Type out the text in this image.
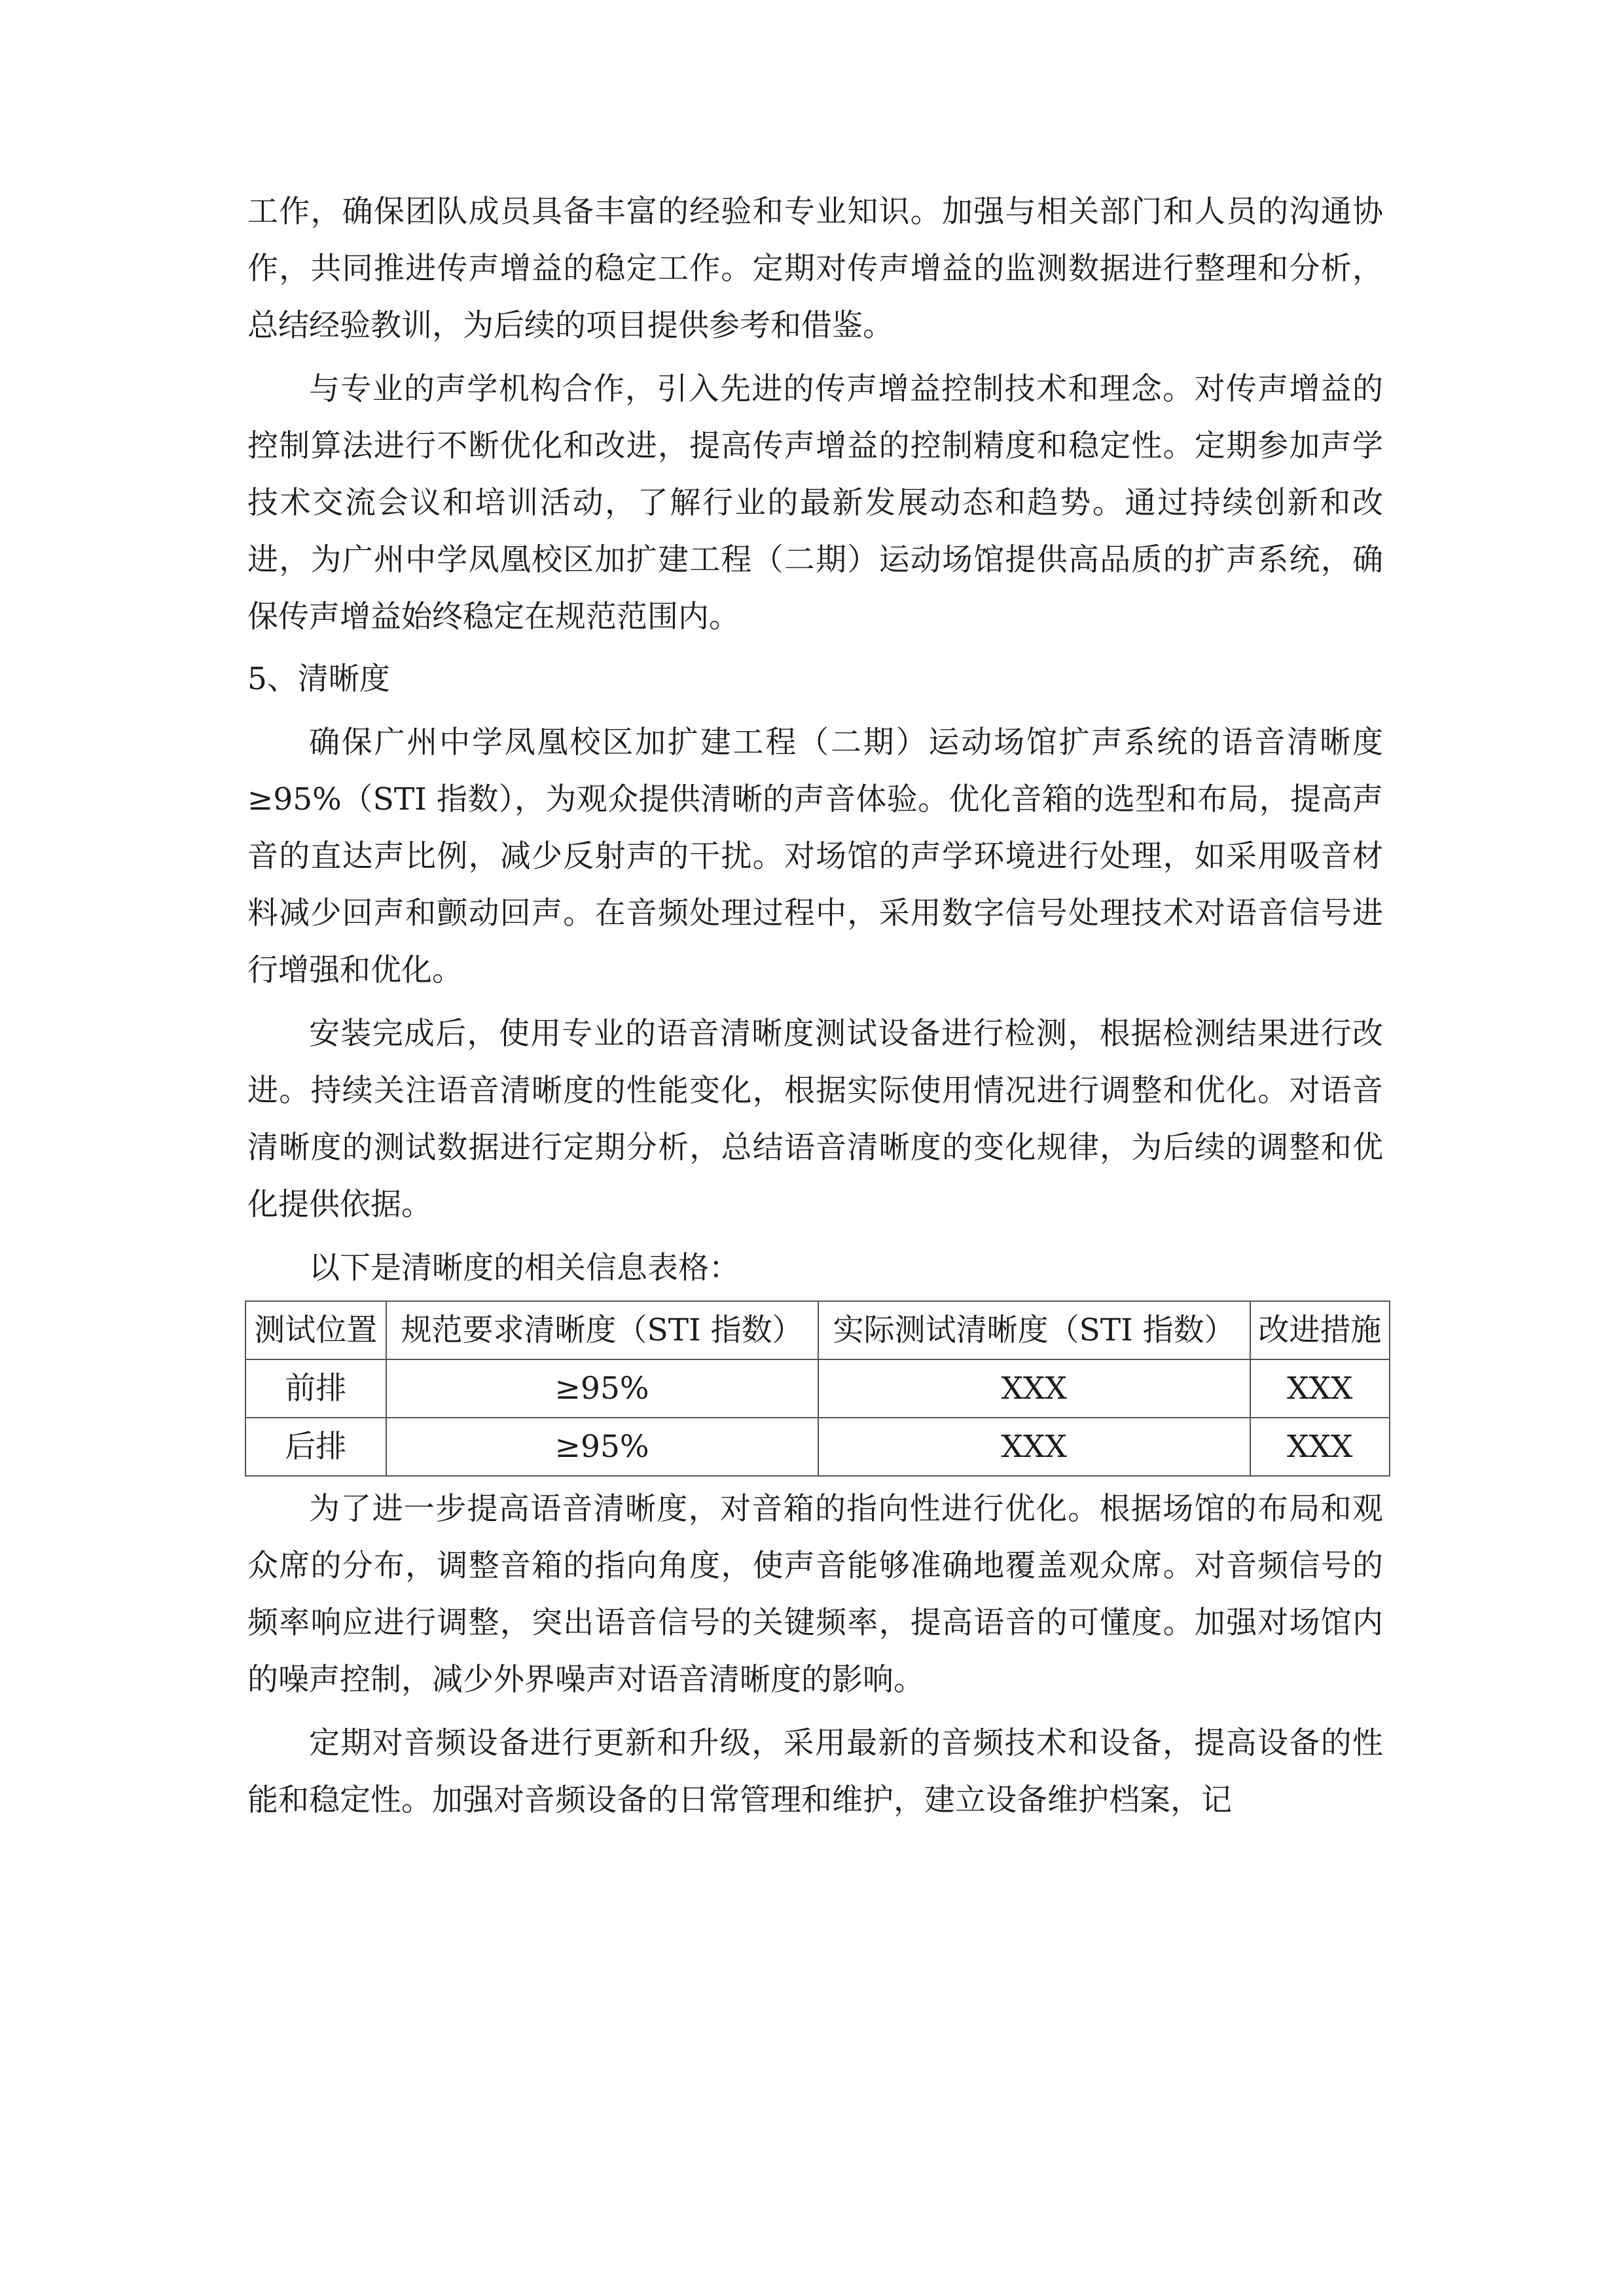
工作，确保团队成员具备丰富的经验和专业知识。加强与相关部门和人员的沟通协作，共同推进传声增益的稳定工作。定期对传声增益的监测数据进行整理和分析，总结经验教训，为后续的项目提供参考和借鉴。

与专业的声学机构合作，引入先进的传声增益控制技术和理念。对传声增益的控制算法进行不断优化和改进，提高传声增益的控制精度和稳定性。定期参加声学技术交流会议和培训活动，了解行业的最新发展动态和趋势。通过持续创新和改进，为广州中学凤凰校区加扩建工程（二期）运动场馆提供高品质的扩声系统，确保传声增益始终稳定在规范范围内。

5、清晰度

确保广州中学凤凰校区加扩建工程（二期）运动场馆扩声系统的语音清晰度≥95%（STI 指数），为观众提供清晰的声音体验。优化音箱的选型和布局，提高声音的直达声比例，减少反射声的干扰。对场馆的声学环境进行处理，如采用吸音材料减少回声和颤动回声。在音频处理过程中，采用数字信号处理技术对语音信号进行增强和优化。

安装完成后，使用专业的语音清晰度测试设备进行检测，根据检测结果进行改进。持续关注语音清晰度的性能变化，根据实际使用情况进行调整和优化。对语音清晰度的测试数据进行定期分析，总结语音清晰度的变化规律，为后续的调整和优化提供依据。

以下是清晰度的相关信息表格：

测试位置	规范要求清晰度（STI 指数）	实际测试清晰度（STI 指数）	改进措施
前排	≥95%	XXX	XXX
后排	≥95%	XXX	XXX

为了进一步提高语音清晰度，对音箱的指向性进行优化。根据场馆的布局和观众席的分布，调整音箱的指向角度，使声音能够准确地覆盖观众席。对音频信号的频率响应进行调整，突出语音信号的关键频率，提高语音的可懂度。加强对场馆内的噪声控制，减少外界噪声对语音清晰度的影响。

定期对音频设备进行更新和升级，采用最新的音频技术和设备，提高设备的性能和稳定性。加强对音频设备的日常管理和维护，建立设备维护档案，记
